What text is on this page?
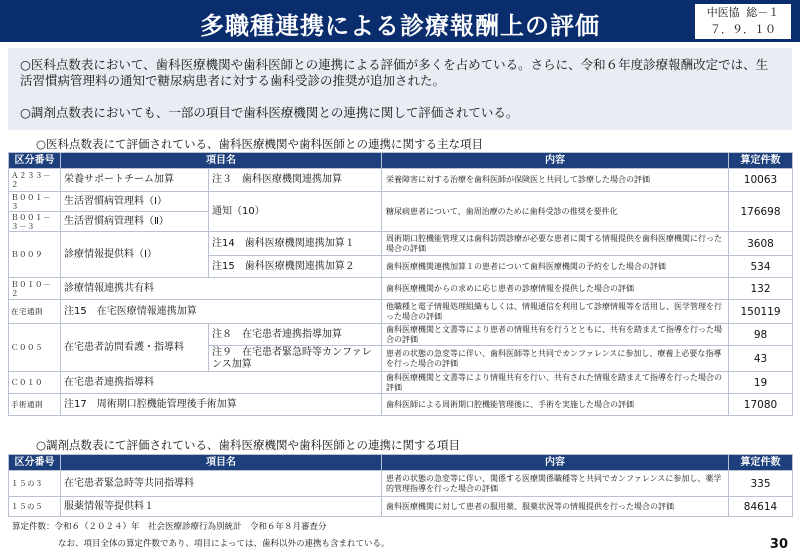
多職種連携による診療報酬上の評価	中医協 総－１
７．９．１０

○医科点数表において、歯科医療機関や歯科医師との連携による評価が多くを占めている。さらに、令和６年度診療報酬改定では、生活習慣病管理料の通知で糖尿病患者に対する歯科受診の推奨が追加された。

○調剤点数表においても、一部の項目で歯科医療機関との連携に関して評価されている。

○医科点数表にて評価されている、歯科医療機関や歯科医師との連携に関する主な項目
区分番号	項目名		内容	算定件数
Ａ２３３－２	栄養サポートチーム加算	注３　歯科医療機関連携加算	栄養障害に対する治療を歯科医師が保険医と共同して診療した場合の評価	10063
Ｂ００１－３	生活習慣病管理料（Ⅰ）	通知（10）	糖尿病患者について、歯周治療のために歯科受診の推奨を要件化	176698
Ｂ００１－３－３	生活習慣病管理料（Ⅱ）			
Ｂ００９	診療情報提供料（Ⅰ）	注14　歯科医療機関連携加算１	周術期口腔機能管理又は歯科訪問診療が必要な患者に関する情報提供を歯科医療機関に行った場合の評価	3608
		注15　歯科医療機関連携加算２	歯科医療機関連携加算１の患者について歯科医療機関の予約をした場合の評価	534
Ｂ０１０－２	診療情報連携共有料		歯科医療機関からの求めに応じ患者の診療情報を提供した場合の評価	132
在宅通則	注15　在宅医療情報連携加算		他職種と電子情報処理組織もしくは、情報通信を利用して診療情報等を活用し、医学管理を行った場合の評価	150119
Ｃ００５	在宅患者訪問看護・指導料	注８　在宅患者連携指導加算	歯科医療機関と文書等により患者の情報共有を行うとともに、共有を踏まえて指導を行った場合の評価	98
		注９　在宅患者緊急時等カンファレンス加算	患者の状態の急変等に伴い、歯科医師等と共同でカンファレンスに参加し、療養上必要な指導を行った場合の評価	43
Ｃ０１０	在宅患者連携指導料		歯科医療機関と文書等により情報共有を行い、共有された情報を踏まえて指導を行った場合の評価	19
手術通則	注17　周術期口腔機能管理後手術加算		歯科医師による周術期口腔機能管理後に、手術を実施した場合の評価	17080
○調剤点数表にて評価されている、歯科医療機関や歯科医師との連携に関する項目
区分番号	項目名	内容	算定件数
１５の３	在宅患者緊急時等共同指導料	患者の状態の急変等に伴い、関係する医療関係職種等と共同でカンファレンスに参加し、薬学的管理指導を行った場合の評価	335
１５の５	服薬情報等提供料１	歯科医療機関に対して患者の服用薬、服薬状況等の情報提供を行った場合の評価	84614
算定件数：令和６（２０２４）年　社会医療診療行為別統計　令和６年８月審査分
なお、項目全体の算定件数であり、項目によっては、歯科以外の連携も含まれている。	30
